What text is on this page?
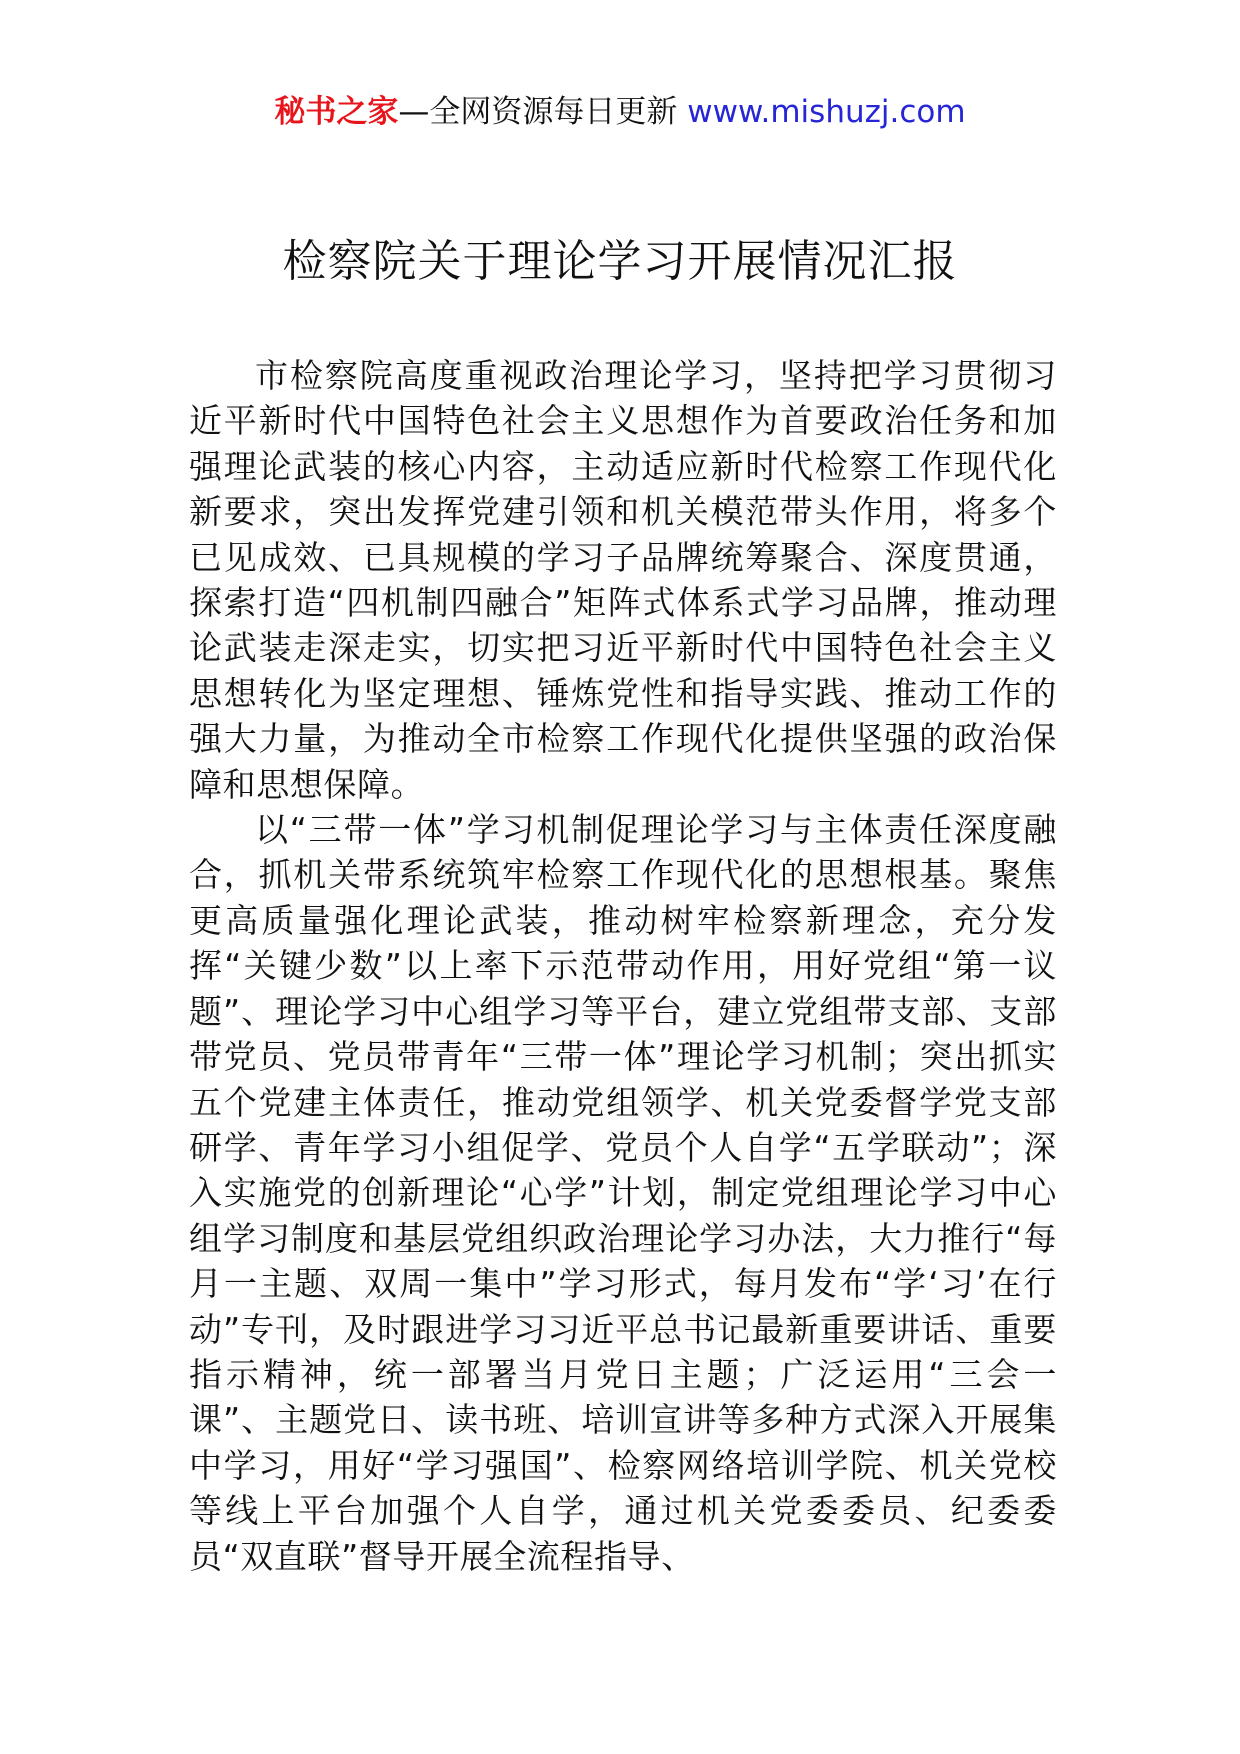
秘书之家—全网资源每日更新 www.mishuzj.com
检察院关于理论学习开展情况汇报

市检察院高度重视政治理论学习，坚持把学习贯彻习近平新时代中国特色社会主义思想作为首要政治任务和加强理论武装的核心内容，主动适应新时代检察工作现代化新要求，突出发挥党建引领和机关模范带头作用，将多个已见成效、已具规模的学习子品牌统筹聚合、深度贯通，探索打造“四机制四融合”矩阵式体系式学习品牌，推动理论武装走深走实，切实把习近平新时代中国特色社会主义思想转化为坚定理想、锤炼党性和指导实践、推动工作的强大力量，为推动全市检察工作现代化提供坚强的政治保障和思想保障。

以“三带一体”学习机制促理论学习与主体责任深度融合，抓机关带系统筑牢检察工作现代化的思想根基。聚焦更高质量强化理论武装，推动树牢检察新理念，充分发挥“关键少数”以上率下示范带动作用，用好党组“第一议题”、理论学习中心组学习等平台，建立党组带支部、支部带党员、党员带青年“三带一体”理论学习机制；突出抓实五个党建主体责任，推动党组领学、机关党委督学党支部研学、青年学习小组促学、党员个人自学“五学联动”；深入实施党的创新理论“心学”计划，制定党组理论学习中心组学习制度和基层党组织政治理论学习办法，大力推行“每月一主题、双周一集中”学习形式，每月发布“学‘习’在行动”专刊，及时跟进学习习近平总书记最新重要讲话、重要指示精神，统一部署当月党日主题；广泛运用“三会一课”、主题党日、读书班、培训宣讲等多种方式深入开展集中学习，用好“学习强国”、检察网络培训学院、机关党校等线上平台加强个人自学，通过机关党委委员、纪委委员“双直联”督导开展全流程指导、
